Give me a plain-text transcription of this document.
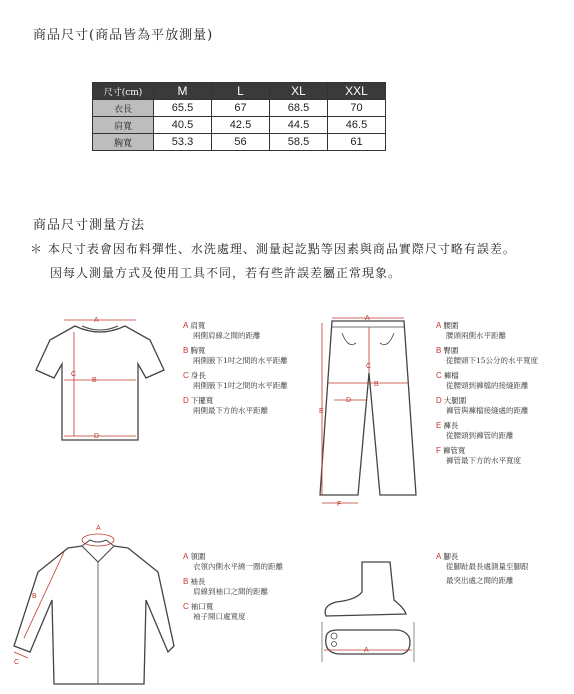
商品尺寸(商品皆為平放測量)
尺寸(cm)	M	L	XL	XXL
衣長	65.5	67	68.5	70
肩寬	40.5	42.5	44.5	46.5
胸寬	53.3	56	58.5	61
商品尺寸測量方法
＊ 本尺寸表會因布料彈性、水洗處理、測量起訖點等因素與商品實際尺寸略有誤差。
因每人測量方式及使用工具不同，若有些許誤差屬正常現象。
A
B
C
D
A 肩寬
兩側肩線之間的距離
B 胸寬
兩側腋下1吋之間的水平距離
C 身長
兩側腋下1吋之間的水平距離
D 下擺寬
兩側最下方的水平距離
A
B
C
D
E
F
A 腰圍
腰頭兩側水平距離
B 臀圍
從腰頭下15公分的水平寬度
C 褲檔
從腰頭到褲檔的接縫距離
D 大腿圍
褲管與褲檔接縫處的距離
E 褲長
從腰頭到褲管的距離
F 褲管寬
褲管最下方的水平寬度
A
B
C
A 領圍
衣領內側水平繞一圈的距離
B 袖長
肩線到袖口之間的距離
C 袖口寬
袖子開口處寬度
A
A 腳長
從腳趾最長處測量至腳跟
最突出處之間的距離
